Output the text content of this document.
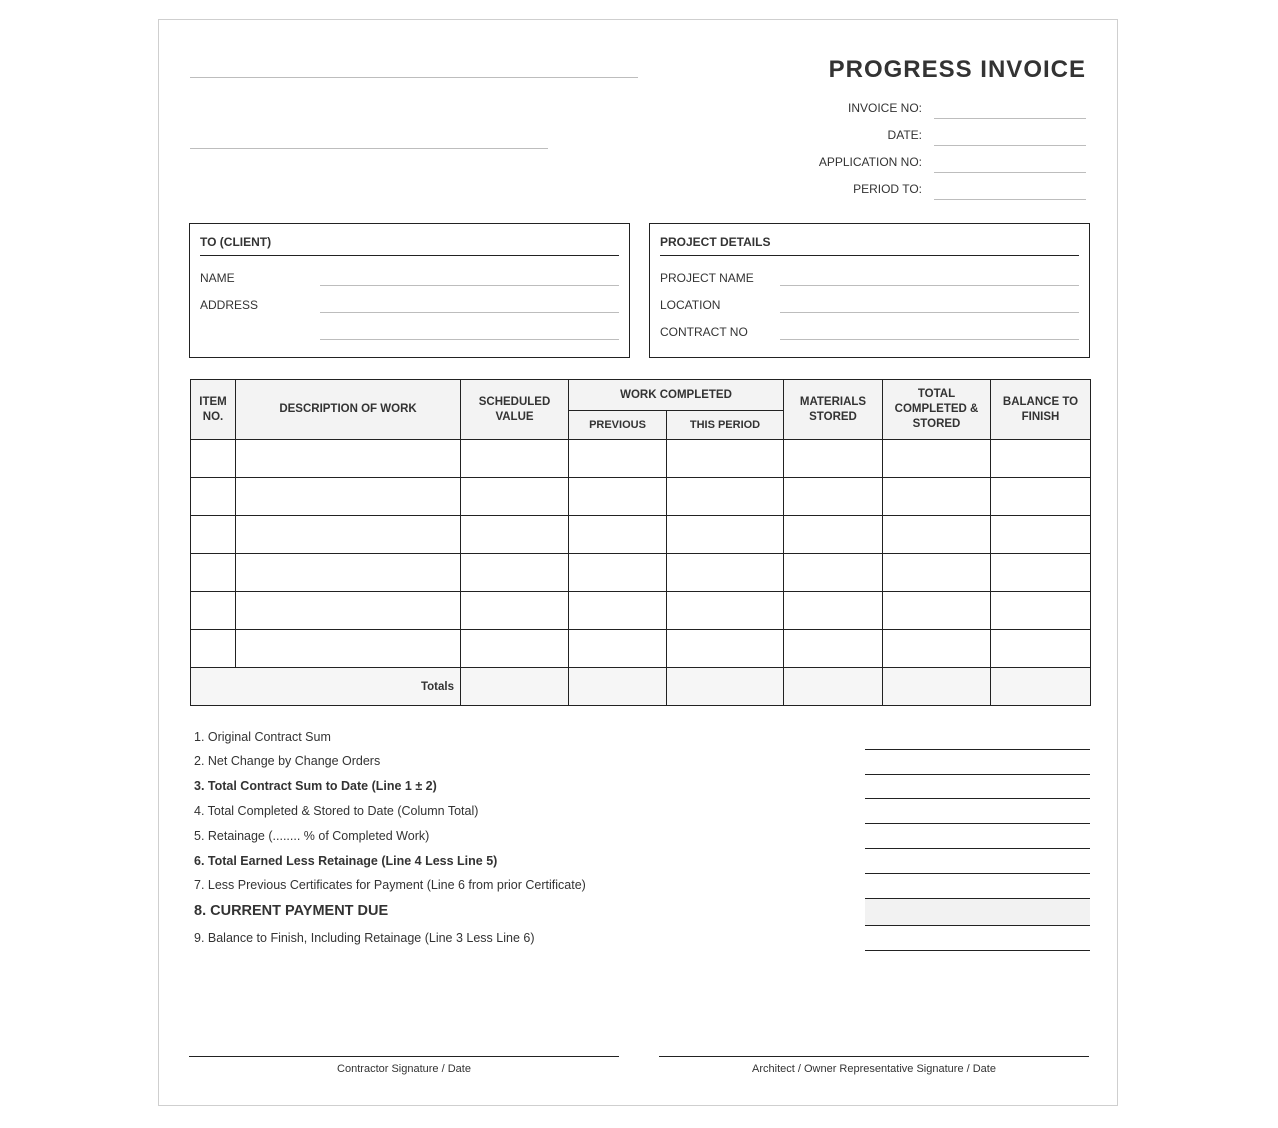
PROGRESS INVOICE
INVOICE NO:
DATE:
APPLICATION NO:
PERIOD TO:
TO (CLIENT)
NAME
ADDRESS
PROJECT DETAILS
PROJECT NAME
LOCATION
CONTRACT NO
ITEM NO.	DESCRIPTION OF WORK	SCHEDULED VALUE	WORK COMPLETED		MATERIALS STORED	TOTAL COMPLETED & STORED	BALANCE TO FINISH
			PREVIOUS	THIS PERIOD			

Totals							
1. Original Contract Sum
2. Net Change by Change Orders
3. Total Contract Sum to Date (Line 1 ± 2)
4. Total Completed & Stored to Date (Column Total)
5. Retainage (........ % of Completed Work)
6. Total Earned Less Retainage (Line 4 Less Line 5)
7. Less Previous Certificates for Payment (Line 6 from prior Certificate)
8. CURRENT PAYMENT DUE
9. Balance to Finish, Including Retainage (Line 3 Less Line 6)
Contractor Signature / Date	Architect / Owner Representative Signature / Date
